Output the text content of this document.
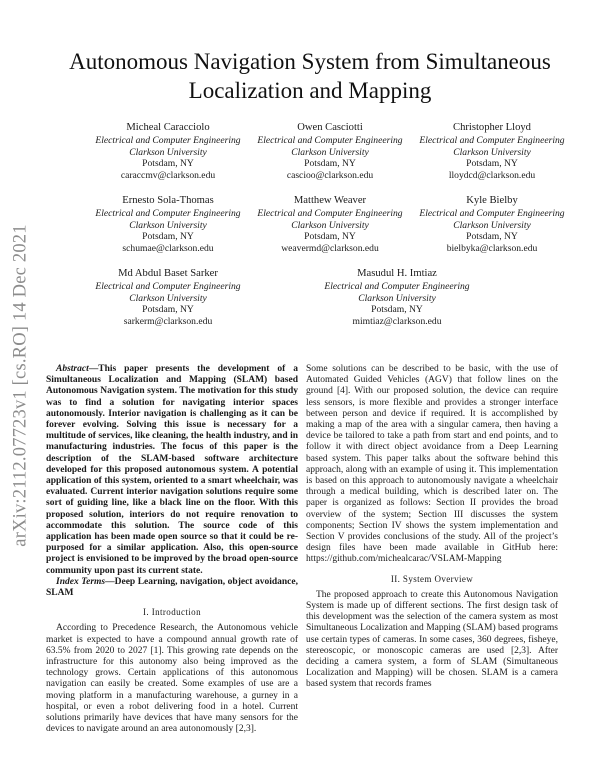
arXiv:2112.07723v1 [cs.RO] 14 Dec 2021
Autonomous Navigation System from Simultaneous Localization and Mapping
Micheal Caracciolo
Electrical and Computer Engineering
Clarkson University
Potsdam, NY
caraccmv@clarkson.edu
Owen Casciotti
Electrical and Computer Engineering
Clarkson University
Potsdam, NY
cascioo@clarkson.edu
Christopher Lloyd
Electrical and Computer Engineering
Clarkson University
Potsdam, NY
lloydcd@clarkson.edu
Ernesto Sola-Thomas
Electrical and Computer Engineering
Clarkson University
Potsdam, NY
schumae@clarkson.edu
Matthew Weaver
Electrical and Computer Engineering
Clarkson University
Potsdam, NY
weavermd@clarkson.edu
Kyle Bielby
Electrical and Computer Engineering
Clarkson University
Potsdam, NY
bielbyka@clarkson.edu
Md Abdul Baset Sarker
Electrical and Computer Engineering
Clarkson University
Potsdam, NY
sarkerm@clarkson.edu
Masudul H. Imtiaz
Electrical and Computer Engineering
Clarkson University
Potsdam, NY
mimtiaz@clarkson.edu

Abstract—This paper presents the development of a Simultaneous Localization and Mapping (SLAM) based Autonomous Navigation system. The motivation for this study was to find a solution for navigating interior spaces autonomously. Interior navigation is challenging as it can be forever evolving. Solving this issue is necessary for a multitude of services, like cleaning, the health industry, and in manufacturing industries. The focus of this paper is the description of the SLAM-based software architecture developed for this proposed autonomous system. A potential application of this system, oriented to a smart wheelchair, was evaluated. Current interior navigation solutions require some sort of guiding line, like a black line on the floor. With this proposed solution, interiors do not require renovation to accommodate this solution. The source code of this application has been made open source so that it could be re-purposed for a similar application. Also, this open-source project is envisioned to be improved by the broad open-source community upon past its current state.

Index Terms—Deep Learning, navigation, object avoidance, SLAM

I. Introduction

According to Precedence Research, the Autonomous vehicle market is expected to have a compound annual growth rate of 63.5% from 2020 to 2027 [1]. This growing rate depends on the infrastructure for this autonomy also being improved as the technology grows. Certain applications of this autonomous navigation can easily be created. Some examples of use are a moving platform in a manufacturing warehouse, a gurney in a hospital, or even a robot delivering food in a hotel. Current solutions primarily have devices that have many sensors for the devices to navigate around an area autonomously [2,3].

Some solutions can be described to be basic, with the use of Automated Guided Vehicles (AGV) that follow lines on the ground [4]. With our proposed solution, the device can require less sensors, is more flexible and provides a stronger interface between person and device if required. It is accomplished by making a map of the area with a singular camera, then having a device be tailored to take a path from start and end points, and to follow it with direct object avoidance from a Deep Learning based system. This paper talks about the software behind this approach, along with an example of using it. This implementation is based on this approach to autonomously navigate a wheelchair through a medical building, which is described later on. The paper is organized as follows: Section II provides the broad overview of the system; Section III discusses the system components; Section IV shows the system implementation and Section V provides conclusions of the study. All of the project’s design files have been made available in GitHub here: https://github.com/michealcarac/VSLAM-Mapping

II. System Overview

The proposed approach to create this Autonomous Navigation System is made up of different sections. The first design task of this development was the selection of the camera system as most Simultaneous Localization and Mapping (SLAM) based programs use certain types of cameras. In some cases, 360 degrees, fisheye, stereoscopic, or monoscopic cameras are used [2,3]. After deciding a camera system, a form of SLAM (Simultaneous Localization and Mapping) will be chosen. SLAM is a camera based system that records frames
